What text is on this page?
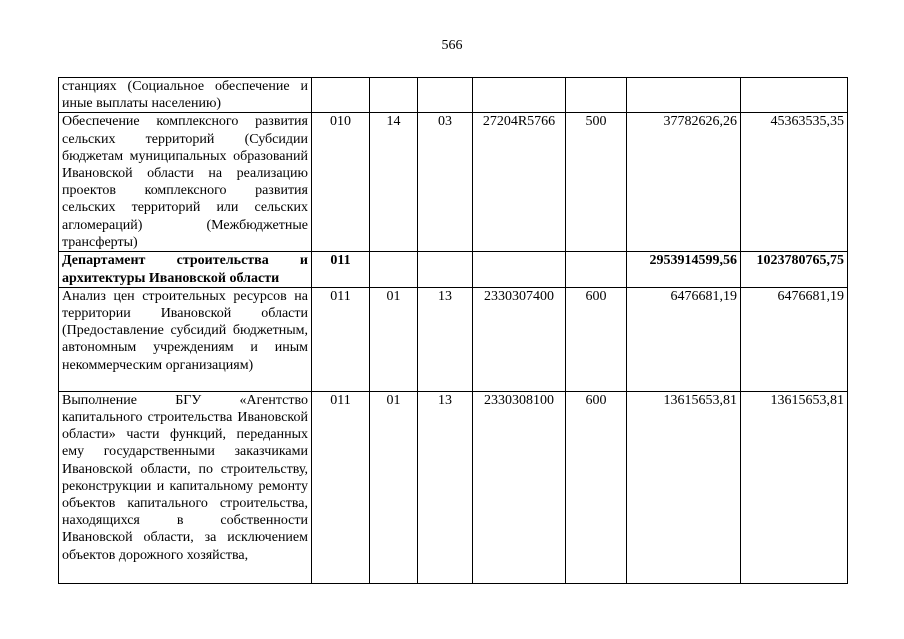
566
станциях (Социальное обеспечение и иные выплаты населению)							
Обеспечение комплексного развития сельских территорий (Субсидии бюджетам муниципальных образований Ивановской области на реализацию проектов комплексного развития сельских территорий или сельских агломераций) (Межбюджетные трансферты)	010	14	03	27204R5766	500	37782626,26	45363535,35
Департамент строительства и архитектуры Ивановской области	011					2953914599,56	1023780765,75
Анализ цен строительных ресурсов на территории Ивановской области (Предоставление субсидий бюджетным, автономным учреждениям и иным некоммерческим организациям)	011	01	13	2330307400	600	6476681,19	6476681,19
Выполнение БГУ «Агентство капитального строительства Ивановской области» части функций, переданных ему государственными заказчиками Ивановской области, по строительству, реконструкции и капитальному ремонту объектов капитального строительства, находящихся в собственности Ивановской области, за исключением объектов дорожного хозяйства,	011	01	13	2330308100	600	13615653,81	13615653,81
